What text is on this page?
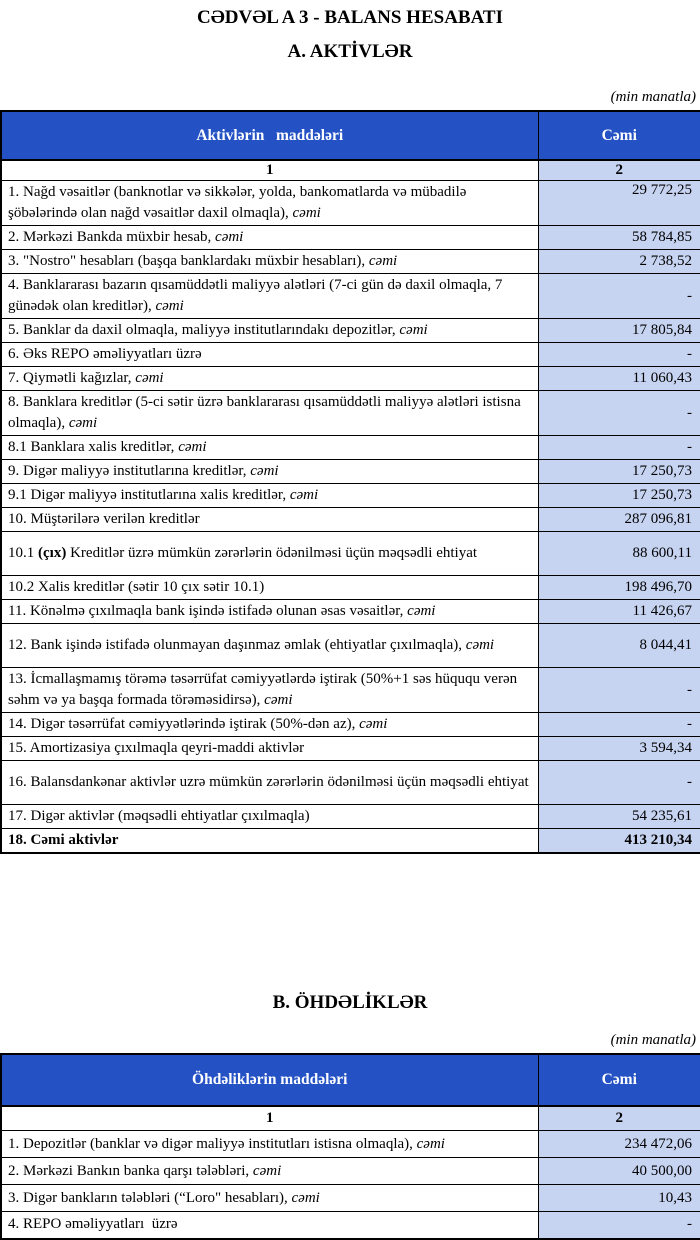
CƏDVƏL A 3 - BALANS HESABATI
A. AKTİVLƏR
(min manatla)
Aktivlərin   maddələri	Cəmi
1	2
1. Nağd vəsaitlər (banknotlar və sikkələr, yolda, bankomatlarda və mübadilə şöbələrində olan nağd vəsaitlər daxil olmaqla), cəmi	29 772,25
2. Mərkəzi Bankda müxbir hesab, cəmi	58 784,85
3. "Nostro" hesabları (başqa banklardakı müxbir hesabları), cəmi	2 738,52
4. Banklararası bazarın qısamüddətli maliyyə alətləri (7-ci gün də daxil olmaqla, 7 günədək olan kreditlər), cəmi	-
5. Banklar da daxil olmaqla, maliyyə institutlarındakı depozitlər, cəmi	17 805,84
6. Əks REPO əməliyyatları üzrə	-
7. Qiymətli kağızlar, cəmi	11 060,43
8. Banklara kreditlər (5-ci sətir üzrə banklararası qısamüddətli maliyyə alətləri istisna olmaqla), cəmi	-
8.1 Banklara xalis kreditlər, cəmi	-
9. Digər maliyyə institutlarına kreditlər, cəmi	17 250,73
9.1 Digər maliyyə institutlarına xalis kreditlər, cəmi	17 250,73
10. Müştərilərə verilən kreditlər	287 096,81
10.1 (çıx) Kreditlər üzrə mümkün zərərlərin ödənilməsi üçün məqsədli ehtiyat	88 600,11
10.2 Xalis kreditlər (sətir 10 çıx sətir 10.1)	198 496,70
11. Könəlmə çıxılmaqla bank işində istifadə olunan əsas vəsaitlər, cəmi	11 426,67
12. Bank işində istifadə olunmayan daşınmaz əmlak (ehtiyatlar çıxılmaqla), cəmi	8 044,41
13. İcmallaşmamış törəmə təsərrüfat cəmiyyətlərdə iştirak (50%+1 səs hüququ verən səhm və ya başqa formada törəməsidirsə), cəmi	-
14. Digər təsərrüfat cəmiyyətlərində iştirak (50%-dən az), cəmi	-
15. Amortizasiya çıxılmaqla qeyri-maddi aktivlər	3 594,34
16. Balansdankənar aktivlər uzrə mümkün zərərlərin ödənilməsi üçün məqsədli ehtiyat	-
17. Digər aktivlər (məqsədli ehtiyatlar çıxılmaqla)	54 235,61
18. Cəmi aktivlər	413 210,34
B. ÖHDƏLİKLƏR
(min manatla)
Öhdəliklərin maddələri	Cəmi
1	2
1. Depozitlər (banklar və digər maliyyə institutları istisna olmaqla), cəmi	234 472,06
2. Mərkəzi Bankın banka qarşı tələbləri, cəmi	40 500,00
3. Digər bankların tələbləri (“Loro" hesabları), cəmi	10,43
4. REPO əməliyyatları  üzrə	-
